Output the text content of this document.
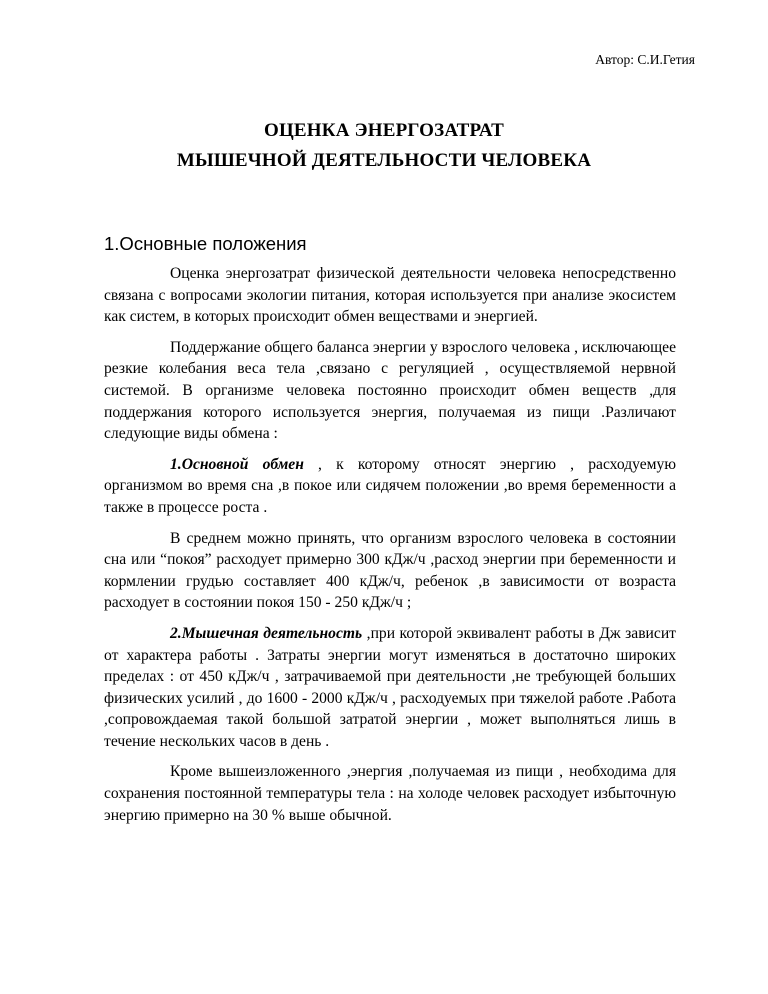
Автор: С.И.Гетия
ОЦЕНКА ЭНЕРГОЗАТРАТ
МЫШЕЧНОЙ ДЕЯТЕЛЬНОСТИ ЧЕЛОВЕКА
1.Основные положения

Оценка энергозатрат физической деятельности человека непосредственно связана с вопросами экологии питания, которая используется при анализе экосистем как систем, в которых происходит обмен веществами и энергией.

Поддержание общего баланса энергии у взрослого человека , исключающее резкие колебания веса тела ,связано с регуляцией , осуществляемой нервной системой. В организме человека постоянно происходит обмен веществ ,для поддержания которого используется энергия, получаемая из пищи .Различают следующие виды обмена :

1.Основной обмен , к которому относят энергию , расходуемую организмом во время сна ,в покое или сидячем положении ,во время беременности а также в процессе роста .

В среднем можно принять, что организм взрослого человека в состоянии сна или “покоя” расходует примерно 300 кДж/ч ,расход энергии при беременности и кормлении грудью составляет 400 кДж/ч, ребенок ,в зависимости от возраста расходует в состоянии покоя 150 - 250 кДж/ч ;

2.Мышечная деятельность ,при которой эквивалент работы в Дж зависит от характера работы . Затраты энергии могут изменяться в достаточно широких пределах : от 450 кДж/ч , затрачиваемой при деятельности ,не требующей больших физических усилий , до 1600 - 2000 кДж/ч , расходуемых при тяжелой работе .Работа ,сопровождаемая такой большой затратой энергии , может выполняться лишь в течение нескольких часов в день .

Кроме вышеизложенного ,энергия ,получаемая из пищи , необходима для сохранения постоянной температуры тела : на холоде человек расходует избыточную энергию примерно на 30 % выше обычной.
